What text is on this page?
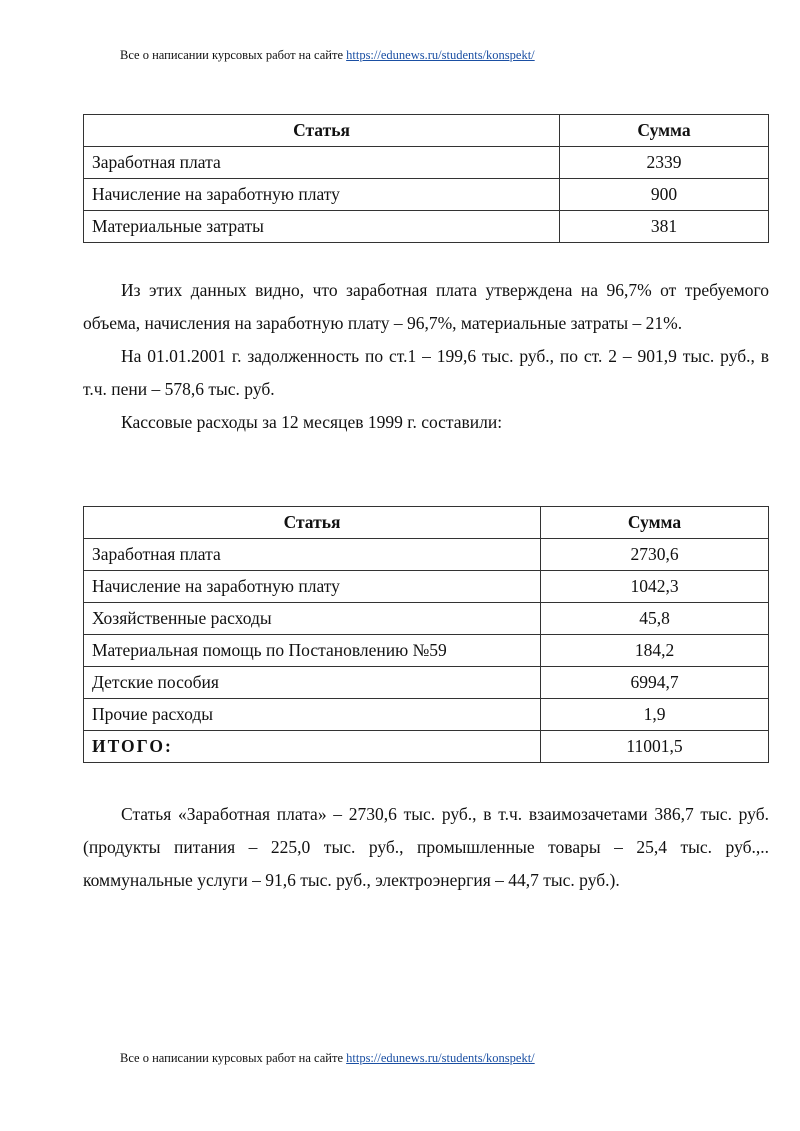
Все о написании курсовых работ на сайте https://edunews.ru/students/konspekt/
Статья	Сумма
Заработная плата	2339
Начисление на заработную плату	900
Материальные затраты	381

Из этих данных видно, что заработная плата утверждена на 96,7% от требуемого объема, начисления на заработную плату – 96,7%, материальные затраты – 21%.

На 01.01.2001 г. задолженность по ст.1 – 199,6 тыс. руб., по ст. 2 – 901,9 тыс. руб., в т.ч. пени – 578,6 тыс. руб.

Кассовые расходы за 12 месяцев 1999 г. составили:

Статья	Сумма
Заработная плата	2730,6
Начисление на заработную плату	1042,3
Хозяйственные расходы	45,8
Материальная помощь по Постановлению №59	184,2
Детские пособия	6994,7
Прочие расходы	1,9
ИТОГО:	11001,5

Статья «Заработная плата» – 2730,6 тыс. руб., в т.ч. взаимозачетами 386,7 тыс. руб. (продукты питания – 225,0 тыс. руб., промышленные товары – 25,4 тыс. руб.,.. коммунальные услуги – 91,6 тыс. руб., электроэнергия – 44,7 тыс. руб.).

Все о написании курсовых работ на сайте https://edunews.ru/students/konspekt/
